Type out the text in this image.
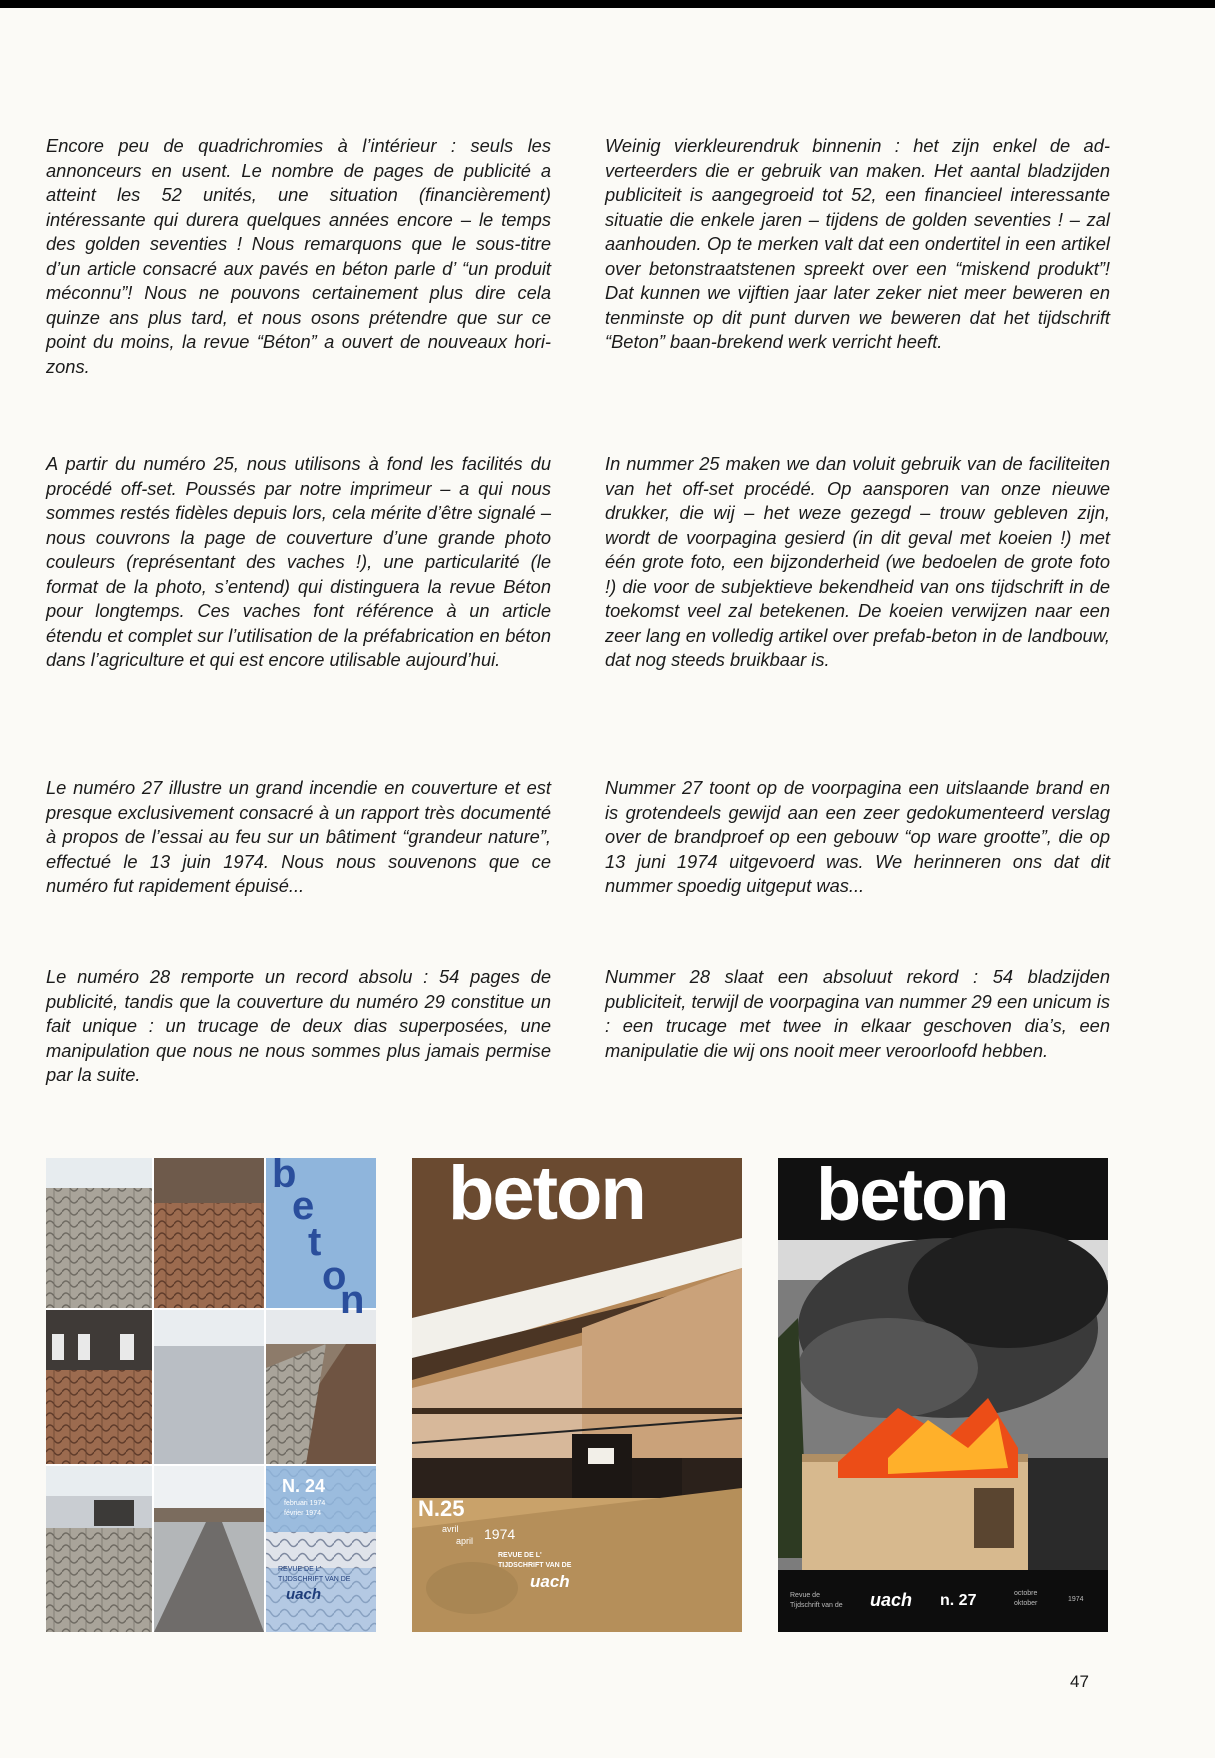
Encore peu de quadrichromies à l’intérieur : seuls les annonceurs en usent. Le nombre de pages de publicité a atteint les 52 unités, une situation (financièrement) intéressante qui durera quelques années encore – le temps des golden seventies ! Nous remarquons que le sous-titre d’un article consacré aux pavés en béton parle d’ “un produit méconnu”! Nous ne pouvons certainement plus dire cela quinze ans plus tard, et nous osons prétendre que sur ce point du moins, la revue “Béton” a ouvert de nouveaux horizons.

A partir du numéro 25, nous utilisons à fond les facilités du procédé off-set. Poussés par notre imprimeur – a qui nous sommes restés fidèles depuis lors, cela mérite d’être signalé – nous couvrons la page de couverture d’une grande photo couleurs (représentant des vaches !), une particularité (le format de la photo, s’entend) qui distinguera la revue Béton pour longtemps. Ces vaches font référence à un article étendu et complet sur l’utilisation de la préfabrication en béton dans l’agriculture et qui est encore utilisable aujourd’hui.

Le numéro 27 illustre un grand incendie en couverture et est presque exclusivement consacré à un rapport très documenté à propos de l’essai au feu sur un bâtiment “grandeur nature”, effectué le 13 juin 1974. Nous nous souvenons que ce numéro fut rapidement épuisé...

Le numéro 28 remporte un record absolu : 54 pages de publicité, tandis que la couverture du numéro 29 constitue un fait unique : un trucage de deux dias superposées, une manipulation que nous ne nous sommes plus jamais permise par la suite.

Weinig vierkleurendruk binnenin : het zijn enkel de adverteerders die er gebruik van maken. Het aantal bladzijden publiciteit is aangegroeid tot 52, een financieel interessante situatie die enkele jaren – tijdens de golden seventies ! – zal aanhouden. Op te merken valt dat een ondertitel in een artikel over betonstraatstenen spreekt over een “miskend produkt”! Dat kunnen we vijftien jaar later zeker niet meer beweren en tenminste op dit punt durven we beweren dat het tijdschrift “Beton” baan-brekend werk verricht heeft.

In nummer 25 maken we dan voluit gebruik van de faciliteiten van het off-set procédé. Op aansporen van onze nieuwe drukker, die wij – het weze gezegd – trouw gebleven zijn, wordt de voorpagina gesierd (in dit geval met koeien !) met één grote foto, een bijzonderheid (we bedoelen de grote foto !) die voor de subjektieve bekendheid van ons tijdschrift in de toekomst veel zal betekenen. De koeien verwijzen naar een zeer lang en volledig artikel over prefab-beton in de landbouw, dat nog steeds bruikbaar is.

Nummer 27 toont op de voorpagina een uitslaande brand en is grotendeels gewijd aan een zeer gedokumenteerd verslag over de brandproef op een gebouw “op ware grootte”, die op 13 juni 1974 uitgevoerd was. We herinneren ons dat dit nummer spoedig uitgeput was...

Nummer 28 slaat een absoluut rekord : 54 bladzijden publiciteit, terwijl de voorpagina van nummer 29 een unicum is : een trucage met twee in elkaar geschoven dia’s, een manipulatie die wij ons nooit meer veroorloofd hebben.

b
e
t
o
n
N. 24
februari 1974
février 1974
REVUE DE L'
TIJDSCHRIFT VAN DE
uach
beton
N.25
avril
april 1974
REVUE DE L'
TIJDSCHRIFT VAN DE
uach
beton
Revue de
Tijdschrift van de uach n. 27	octobre
oktober
1974
47
